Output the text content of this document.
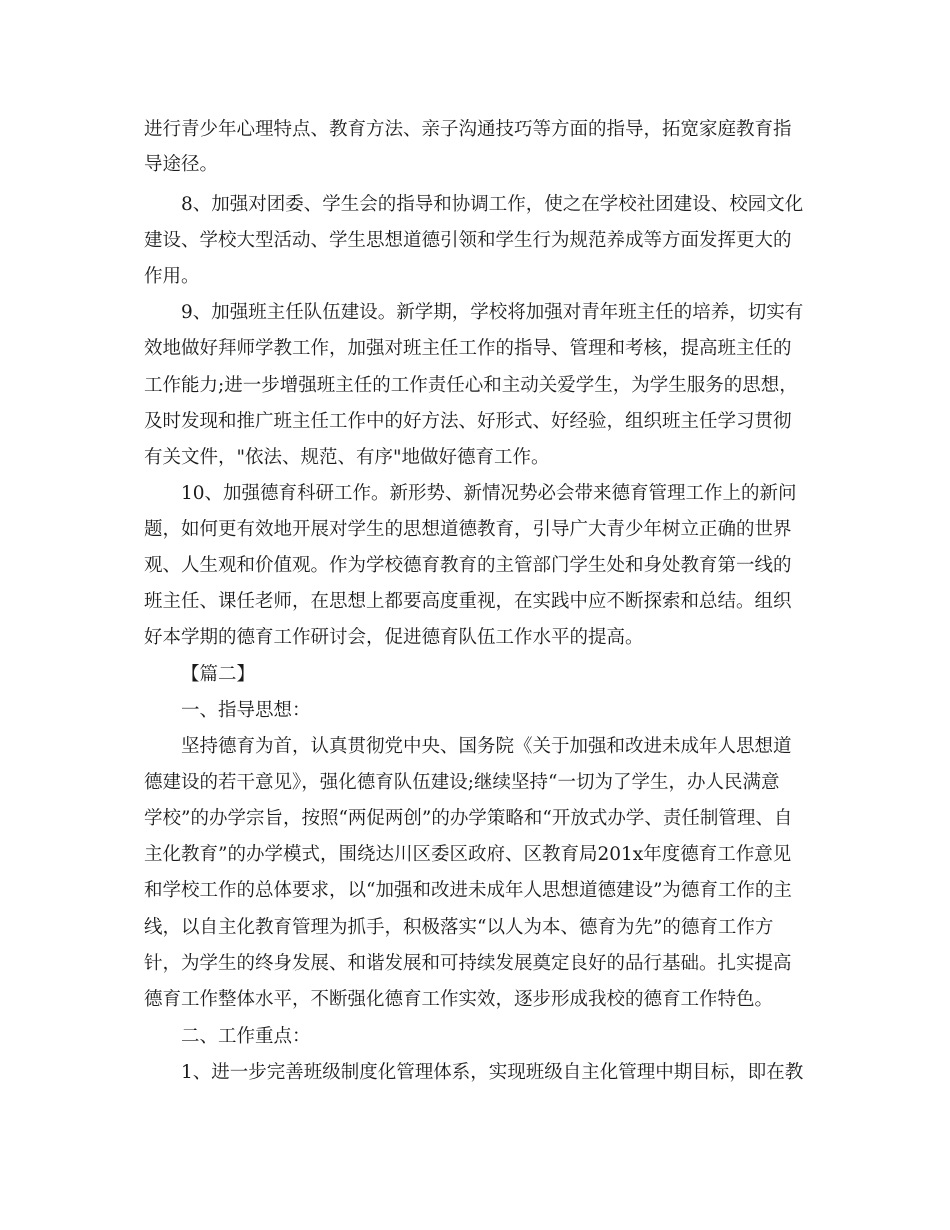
进行青少年心理特点、教育方法、亲子沟通技巧等方面的指导，拓宽家庭教育指
导途径。
8、加强对团委、学生会的指导和协调工作，使之在学校社团建设、校园文化
建设、学校大型活动、学生思想道德引领和学生行为规范养成等方面发挥更大的
作用。
9、加强班主任队伍建设。新学期，学校将加强对青年班主任的培养，切实有
效地做好拜师学教工作，加强对班主任工作的指导、管理和考核，提高班主任的
工作能力;进一步增强班主任的工作责任心和主动关爱学生，为学生服务的思想，
及时发现和推广班主任工作中的好方法、好形式、好经验，组织班主任学习贯彻
有关文件，"依法、规范、有序"地做好德育工作。
10、加强德育科研工作。新形势、新情况势必会带来德育管理工作上的新问
题，如何更有效地开展对学生的思想道德教育，引导广大青少年树立正确的世界
观、人生观和价值观。作为学校德育教育的主管部门学生处和身处教育第一线的
班主任、课任老师，在思想上都要高度重视，在实践中应不断探索和总结。组织
好本学期的德育工作研讨会，促进德育队伍工作水平的提高。
【篇二】
一、指导思想：
坚持德育为首，认真贯彻党中央、国务院《关于加强和改进未成年人思想道
德建设的若干意见》，强化德育队伍建设;继续坚持“一切为了学生，办人民满意
学校”的办学宗旨，按照“两促两创”的办学策略和“开放式办学、责任制管理、自
主化教育”的办学模式，围绕达川区委区政府、区教育局201x年度德育工作意见
和学校工作的总体要求，以“加强和改进未成年人思想道德建设”为德育工作的主
线，以自主化教育管理为抓手，积极落实“以人为本、德育为先”的德育工作方
针，为学生的终身发展、和谐发展和可持续发展奠定良好的品行基础。扎实提高
德育工作整体水平，不断强化德育工作实效，逐步形成我校的德育工作特色。
二、工作重点：
1、进一步完善班级制度化管理体系，实现班级自主化管理中期目标，即在教
